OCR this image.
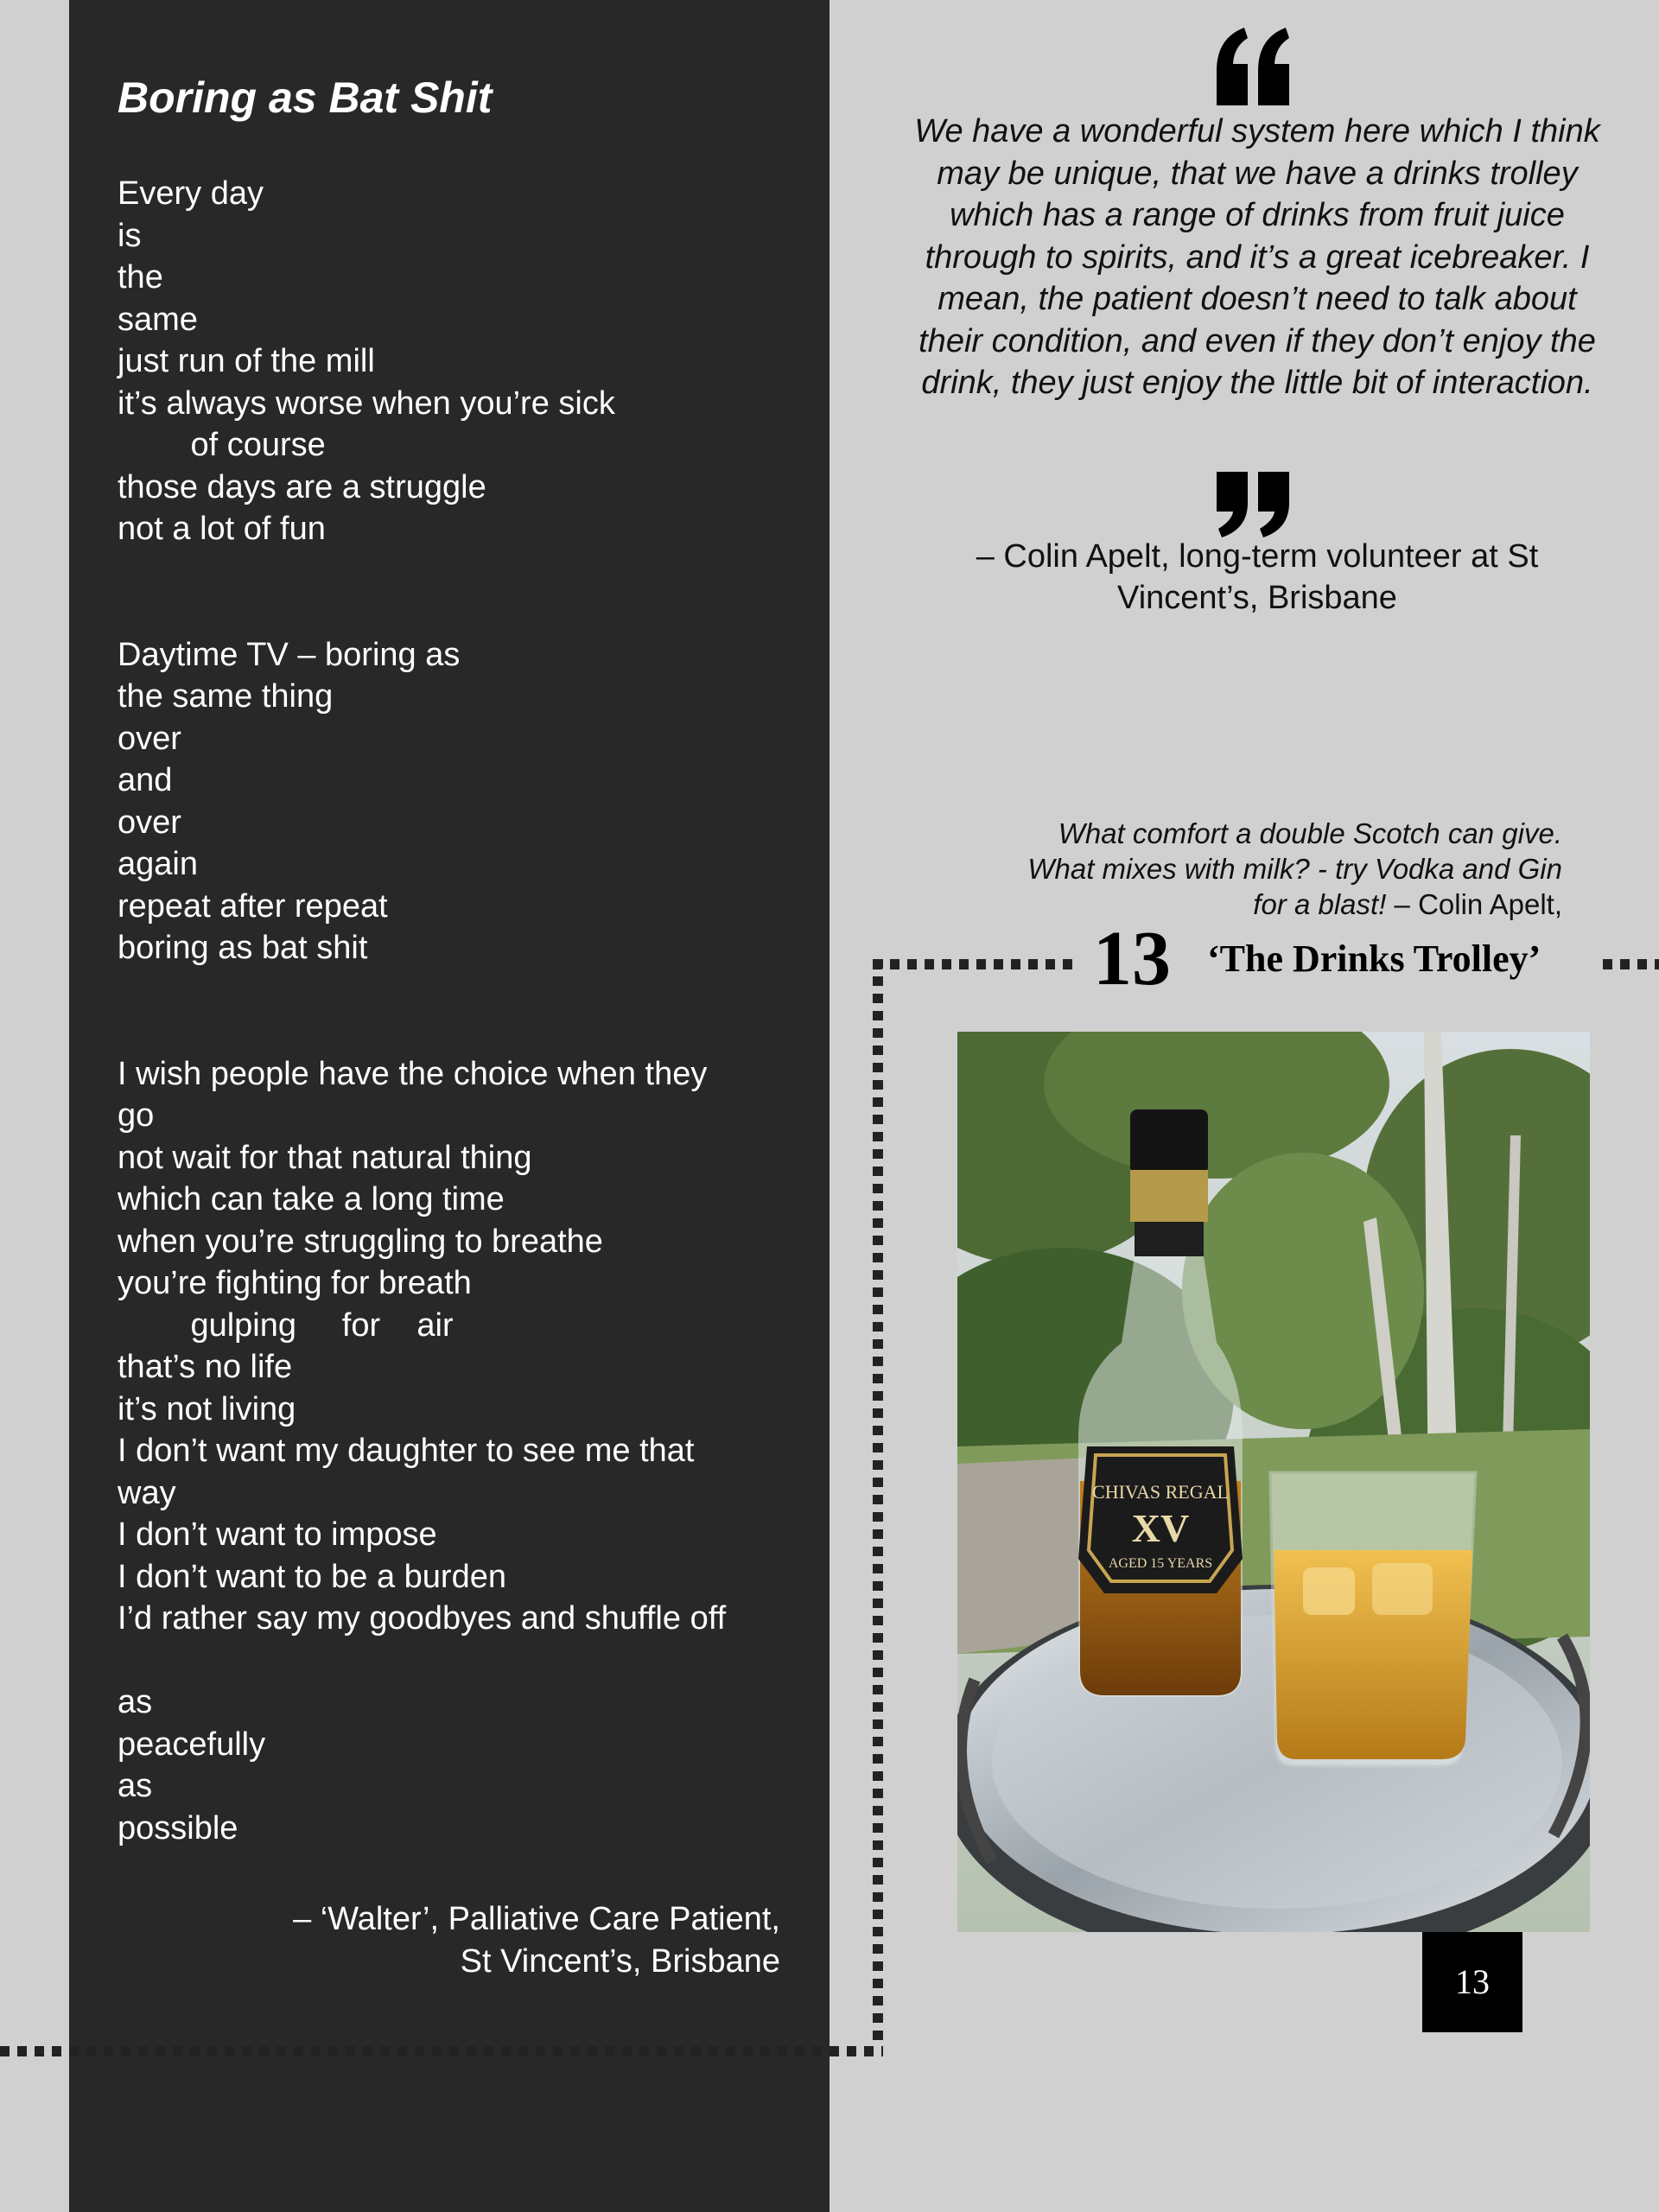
Boring as Bat Shit
Every day
is
the
same
just run of the mill
it’s always worse when you’re sick
of course
those days are a struggle
not a lot of fun
Daytime TV – boring as
the same thing
over
and
over
again
repeat after repeat
boring as bat shit
I wish people have the choice when they
go
not wait for that natural thing
which can take a long time
when you’re struggling to breathe
you’re fighting for breath
gulping     for    air
that’s no life
it’s not living
I don’t want my daughter to see me that
way
I don’t want to impose
I don’t want to be a burden
I’d rather say my goodbyes and shuffle off
as
peacefully
as
possible
– ‘Walter’, Palliative Care Patient,
St Vincent’s, Brisbane

We have a wonderful system here which I think may be unique, that we have a drinks trolley which has a range of drinks from fruit juice through to spirits, and it’s a great icebreaker. I mean, the patient doesn’t need to talk about their condition, and even if they don’t enjoy the drink, they just enjoy the little bit of interaction.

– Colin Apelt, long-term volunteer at St Vincent’s, Brisbane
What comfort a double Scotch can give.
What mixes with milk? - try Vodka and Gin
for a blast! – Colin Apelt,
13 ‘The Drinks Trolley’
CHIVAS REGAL
XV
AGED 15 YEARS
13
